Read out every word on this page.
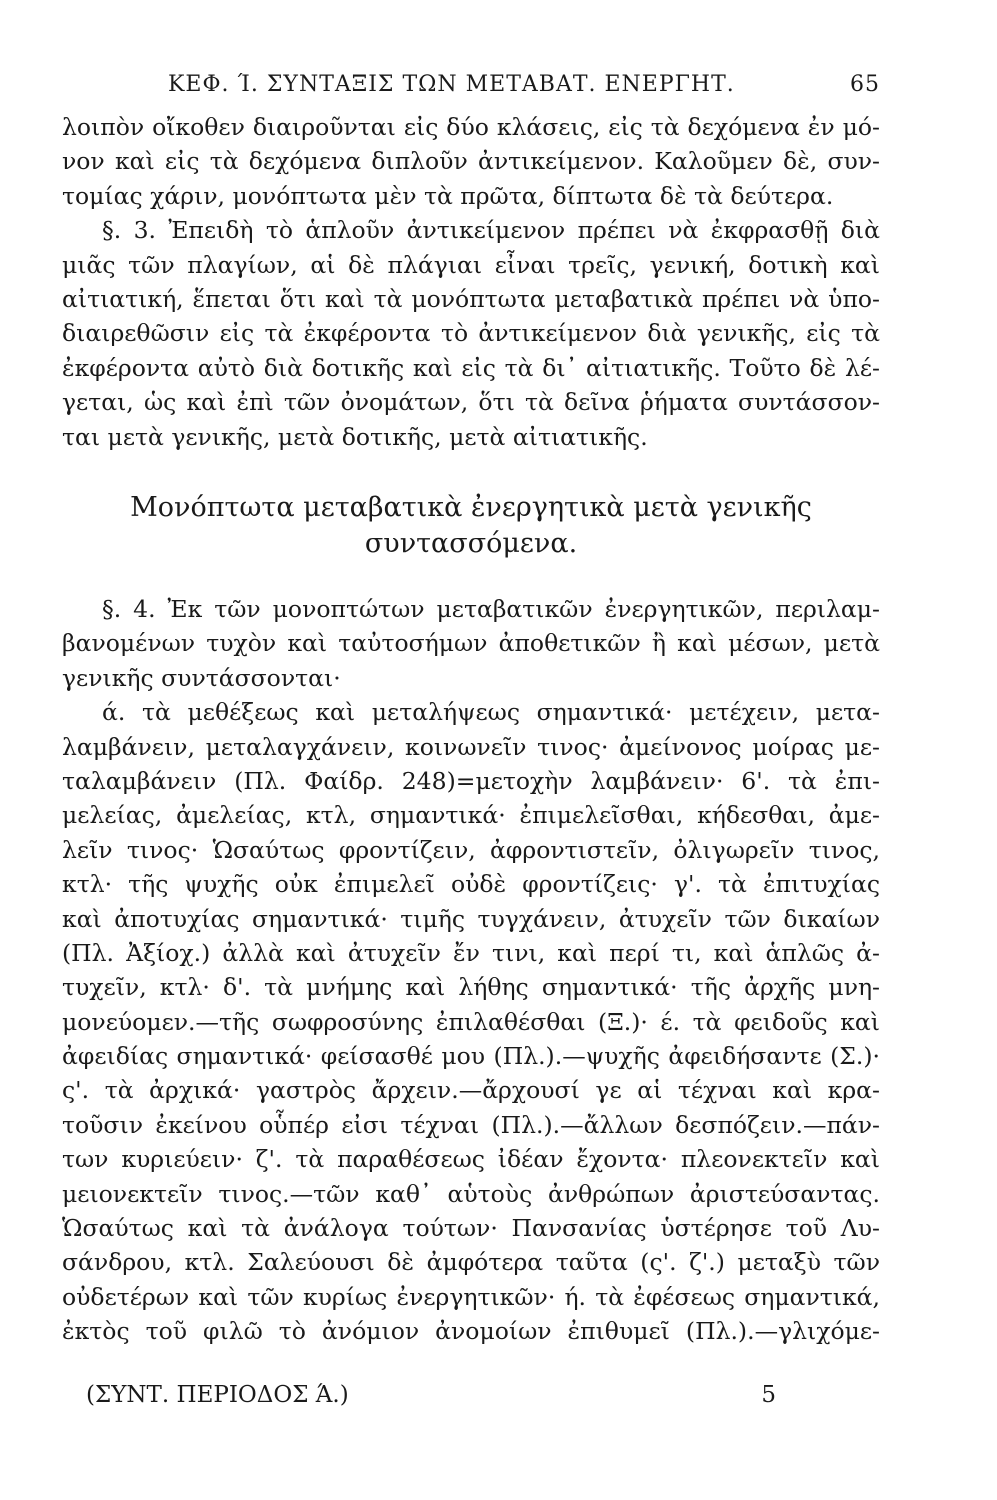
ΚΕΦ. Ί. ΣΥΝΤΑΞΙΣ ΤΩΝ ΜΕΤΑΒΑΤ. ΕΝΕΡΓΗΤ.	65
λοιπὸν οἴκοθεν διαιροῦνται εἰς δύο κλάσεις, εἰς τὰ δεχόμενα ἐν μό-
νον καὶ εἰς τὰ δεχόμενα διπλοῦν ἀντικείμενον. Καλοῦμεν δὲ, συν-
τομίας χάριν, μονόπτωτα μὲν τὰ πρῶτα, δίπτωτα δὲ τὰ δεύτερα.
§. 3. Ἐπειδὴ τὸ ἁπλοῦν ἀντικείμενον πρέπει νὰ ἐκφρασθῇ διὰ
μιᾶς τῶν πλαγίων, αἱ δὲ πλάγιαι εἶναι τρεῖς, γενική, δοτικὴ καὶ
αἰτιατική, ἕπεται ὅτι καὶ τὰ μονόπτωτα μεταβατικὰ πρέπει νὰ ὑπο-
διαιρεθῶσιν εἰς τὰ ἐκφέροντα τὸ ἀντικείμενον διὰ γενικῆς, εἰς τὰ
ἐκφέροντα αὐτὸ διὰ δοτικῆς καὶ εἰς τὰ δι᾽ αἰτιατικῆς. Τοῦτο δὲ λέ-
γεται, ὡς καὶ ἐπὶ τῶν ὀνομάτων, ὅτι τὰ δεῖνα ῥήματα συντάσσον-
ται μετὰ γενικῆς, μετὰ δοτικῆς, μετὰ αἰτιατικῆς.
Μονόπτωτα μεταβατικὰ ἐνεργητικὰ μετὰ γενικῆς
συντασσόμενα.
§. 4. Ἐκ τῶν μονοπτώτων μεταβατικῶν ἐνεργητικῶν, περιλαμ-
βανομένων τυχὸν καὶ ταὐτοσήμων ἀποθετικῶν ἢ καὶ μέσων, μετὰ
γενικῆς συντάσσονται·
ά. τὰ μεθέξεως καὶ μεταλήψεως σημαντικά· μετέχειν, μετα-
λαμβάνειν, μεταλαγχάνειν, κοινωνεῖν τινος· ἀμείνονος μοίρας με-
ταλαμβάνειν (Πλ. Φαίδρ. 248)=μετοχὴν λαμβάνειν· 6'. τὰ ἐπι-
μελείας, ἀμελείας, κτλ, σημαντικά· ἐπιμελεῖσθαι, κήδεσθαι, ἀμε-
λεῖν τινος· Ὡσαύτως φροντίζειν, ἀφροντιστεῖν, ὀλιγωρεῖν τινος,
κτλ· τῆς ψυχῆς οὐκ ἐπιμελεῖ οὐδὲ φροντίζεις· γ'. τὰ ἐπιτυχίας
καὶ ἀποτυχίας σημαντικά· τιμῆς τυγχάνειν, ἀτυχεῖν τῶν δικαίων
(Πλ. Ἀξίοχ.) ἀλλὰ καὶ ἀτυχεῖν ἔν τινι, καὶ περί τι, καὶ ἁπλῶς ἀ-
τυχεῖν, κτλ· δ'. τὰ μνήμης καὶ λήθης σημαντικά· τῆς ἀρχῆς μνη-
μονεύομεν.—τῆς σωφροσύνης ἐπιλαθέσθαι (Ξ.)· έ. τὰ φειδοῦς καὶ
ἀφειδίας σημαντικά· φείσασθέ μου (Πλ.).—ψυχῆς ἀφειδήσαντε (Σ.)·
ς'. τὰ ἀρχικά· γαστρὸς ἄρχειν.—ἄρχουσί γε αἱ τέχναι καὶ κρα-
τοῦσιν ἐκείνου οὗπέρ εἰσι τέχναι (Πλ.).—ἄλλων δεσπόζειν.—πάν-
των κυριεύειν· ζ'. τὰ παραθέσεως ἰδέαν ἔχοντα· πλεονεκτεῖν καὶ
μειονεκτεῖν τινος.—τῶν καθ᾽ αὑτοὺς ἀνθρώπων ἀριστεύσαντας.
Ὡσαύτως καὶ τὰ ἀνάλογα τούτων· Πανσανίας ὑστέρησε τοῦ Λυ-
σάνδρου, κτλ. Σαλεύουσι δὲ ἀμφότερα ταῦτα (ς'. ζ'.) μεταξὺ τῶν
οὐδετέρων καὶ τῶν κυρίως ἐνεργητικῶν· ή. τὰ ἐφέσεως σημαντικά,
ἐκτὸς τοῦ φιλῶ τὸ ἀνόμιον ἀνομοίων ἐπιθυμεῖ (Πλ.).—γλιχόμε-
(ΣΥΝΤ. ΠΕΡΙΟΔΟΣ Ά.)	5
